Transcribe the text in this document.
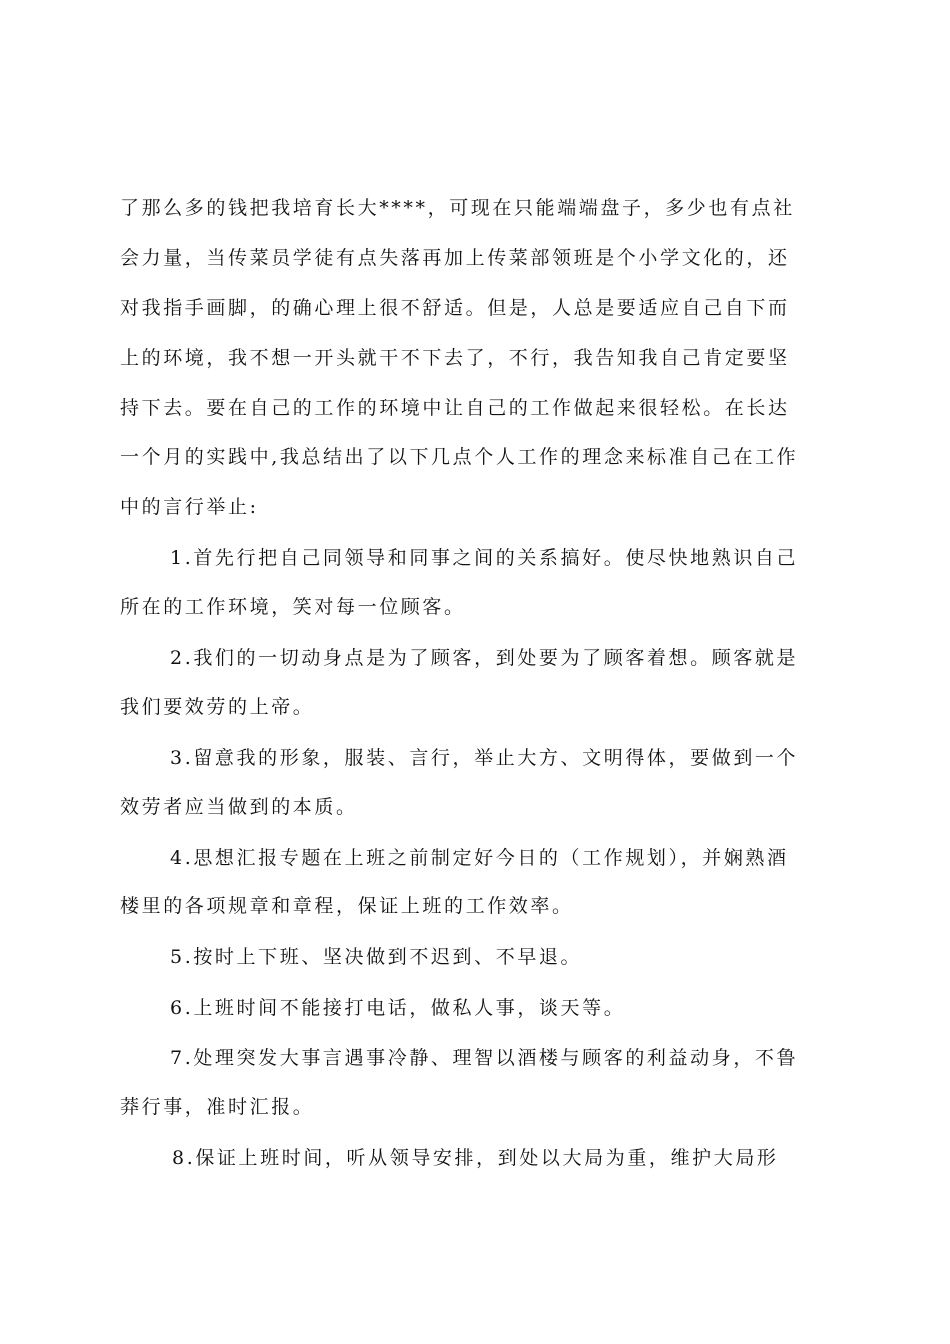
了那么多的钱把我培育长大****，可现在只能端端盘子，多少也有点社
会力量，当传菜员学徒有点失落再加上传菜部领班是个小学文化的，还
对我指手画脚，的确心理上很不舒适。但是，人总是要适应自己自下而
上的环境，我不想一开头就干不下去了，不行，我告知我自己肯定要坚
持下去。要在自己的工作的环境中让自己的工作做起来很轻松。在长达
一个月的实践中,我总结出了以下几点个人工作的理念来标准自己在工作
中的言行举止:
1.首先行把自己同领导和同事之间的关系搞好。使尽快地熟识自己
所在的工作环境，笑对每一位顾客。
2.我们的一切动身点是为了顾客，到处要为了顾客着想。顾客就是
我们要效劳的上帝。
3.留意我的形象，服装、言行，举止大方、文明得体，要做到一个
效劳者应当做到的本质。
4.思想汇报专题在上班之前制定好今日的（工作规划），并娴熟酒
楼里的各项规章和章程，保证上班的工作效率。
5.按时上下班、坚决做到不迟到、不早退。
6.上班时间不能接打电话，做私人事，谈天等。
7.处理突发大事言遇事冷静、理智以酒楼与顾客的利益动身，不鲁
莽行事，准时汇报。
8.保证上班时间，听从领导安排，到处以大局为重，维护大局形
